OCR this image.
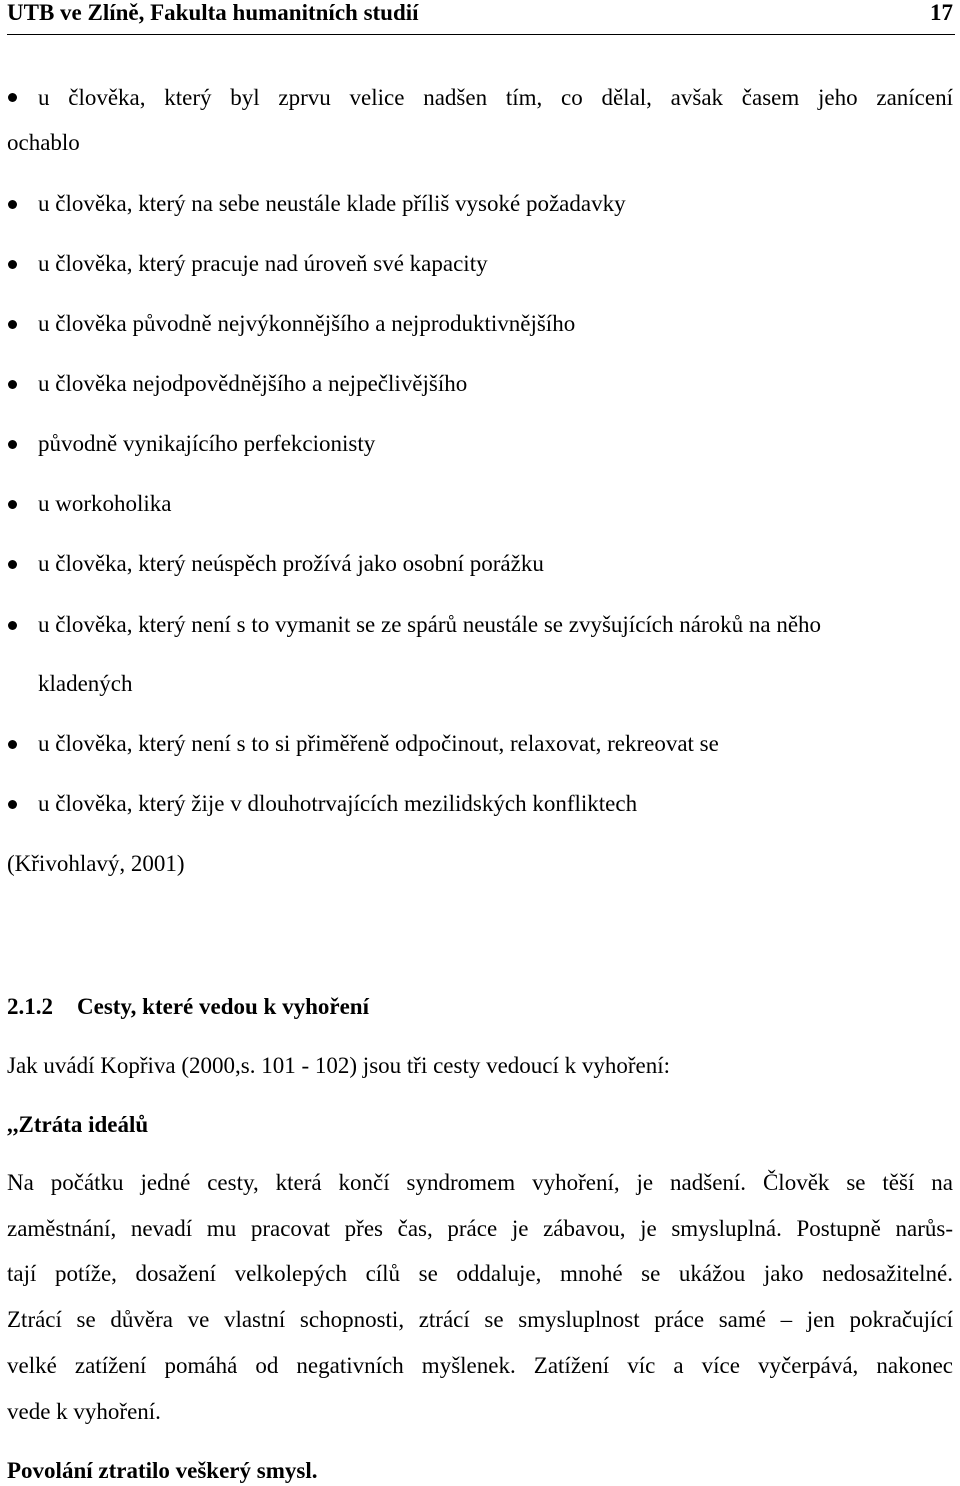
UTB ve Zlíně, Fakulta humanitních studií	17
u člověka, který byl zprvu velice nadšen tím, co dělal, avšak časem jeho zanícení
ochablo
u člověka, který na sebe neustále klade příliš vysoké požadavky
u člověka, který pracuje nad úroveň své kapacity
u člověka původně nejvýkonnějšího a nejproduktivnějšího
u člověka nejodpovědnějšího a nejpečlivějšího
původně vynikajícího perfekcionisty
u workoholika
u člověka, který neúspěch prožívá jako osobní porážku
u člověka, který není s to vymanit se ze spárů neustále se zvyšujících nároků na něho
kladených
u člověka, který není s to si přiměřeně odpočinout, relaxovat, rekreovat se
u člověka, který žije v dlouhotrvajících mezilidských konfliktech
(Křivohlavý, 2001)
2.1.2 Cesty, které vedou k vyhoření
Jak uvádí Kopřiva (2000,s. 101 - 102) jsou tři cesty vedoucí k vyhoření:
,,Ztráta ideálů
Na počátku jedné cesty, která končí syndromem vyhoření, je nadšení. Člověk se těší na
zaměstnání, nevadí mu pracovat přes čas, práce je zábavou, je smysluplná. Postupně narůs-
tají potíže, dosažení velkolepých cílů se oddaluje, mnohé se ukážou jako nedosažitelné.
Ztrácí se důvěra ve vlastní schopnosti, ztrácí se smysluplnost práce samé – jen pokračující
velké zatížení pomáhá od negativních myšlenek. Zatížení víc a více vyčerpává, nakonec
vede k vyhoření.
Povolání ztratilo veškerý smysl.
